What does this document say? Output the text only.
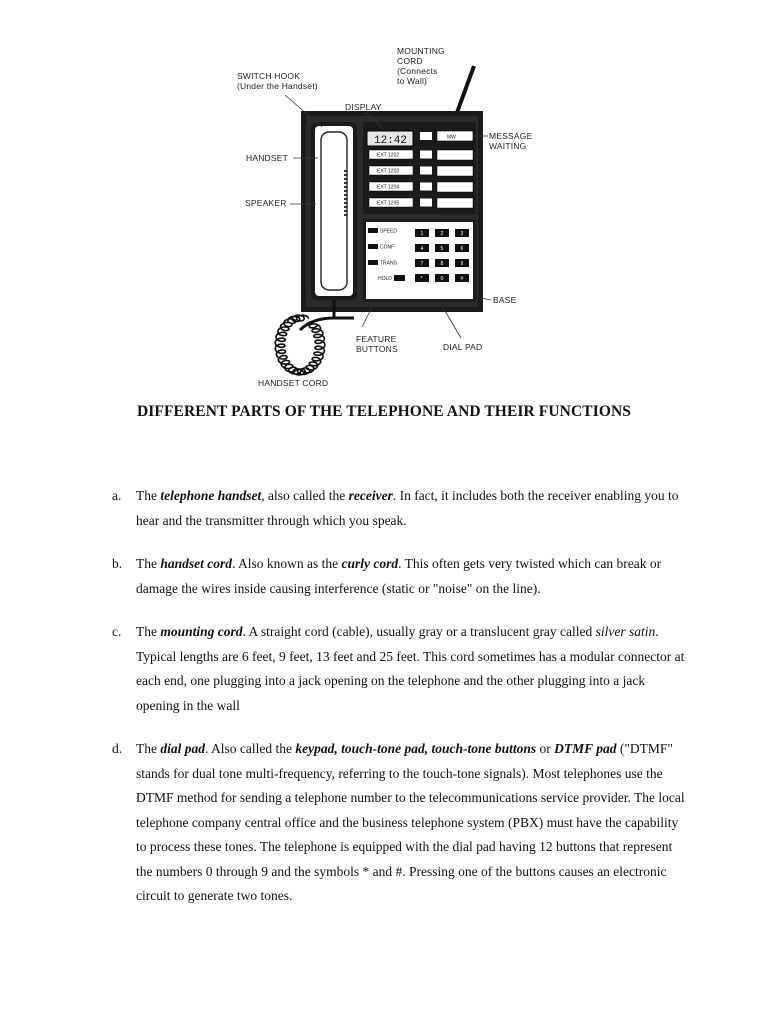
12:42	MW
EXT 1202
EXT 1203
EXT 1204
EXT 1205
SPEED
CONF
TRANS
HOLD
1	2	3
4	5	6
7	8	9
*	0	#
SWITCH HOOK (Under the Handset)
MOUNTING CORD (Connects to Wall)
DISPLAY
HANDSET
SPEAKER
MESSAGE WAITING
BASE
FEATURE BUTTONS	DIAL PAD
HANDSET CORD
DIFFERENT PARTS OF THE TELEPHONE AND THEIR FUNCTIONS
a. The telephone handset, also called the receiver. In fact, it includes both the receiver enabling you to hear and the transmitter through which you speak.
b. The handset cord. Also known as the curly cord. This often gets very twisted which can break or damage the wires inside causing interference (static or "noise" on the line).
c. The mounting cord. A straight cord (cable), usually gray or a translucent gray called silver satin. Typical lengths are 6 feet, 9 feet, 13 feet and 25 feet. This cord sometimes has a modular connector at each end, one plugging into a jack opening on the telephone and the other plugging into a jack opening in the wall
d. The dial pad. Also called the keypad, touch-tone pad, touch-tone buttons or DTMF pad ("DTMF" stands for dual tone multi-frequency, referring to the touch-tone signals). Most telephones use the DTMF method for sending a telephone number to the telecommunications service provider. The local telephone company central office and the business telephone system (PBX) must have the capability to process these tones. The telephone is equipped with the dial pad having 12 buttons that represent the numbers 0 through 9 and the symbols * and #. Pressing one of the buttons causes an electronic circuit to generate two tones.
